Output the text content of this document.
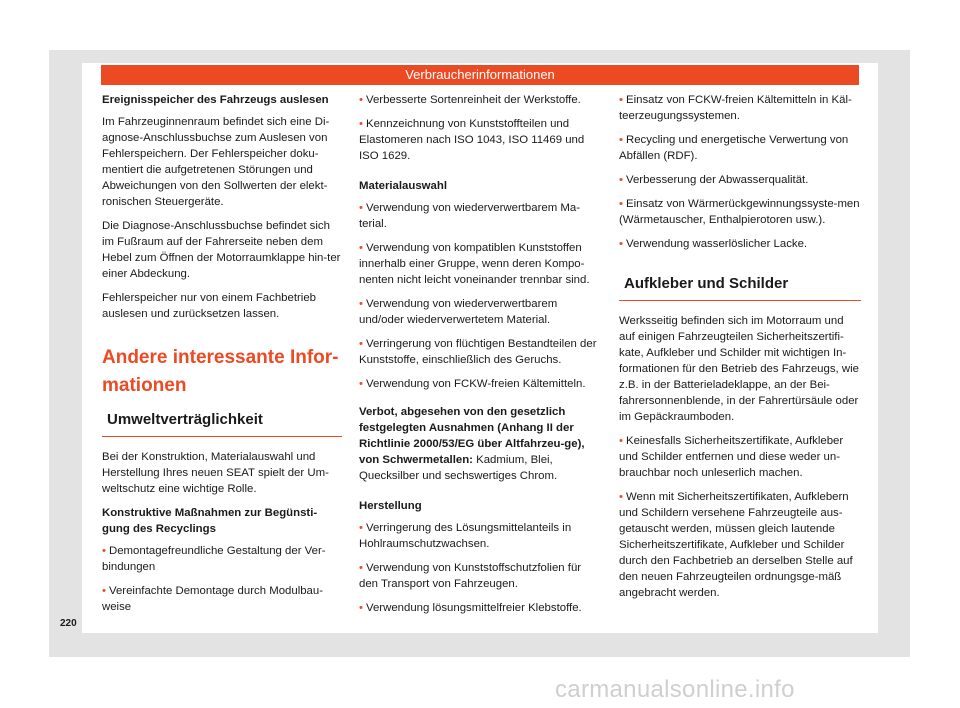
Verbraucherinformationen

Ereignisspeicher des Fahrzeugs auslesen

Im Fahrzeuginnenraum befindet sich eine Di-agnose-Anschlussbuchse zum Auslesen von Fehlerspeichern. Der Fehlerspeicher doku-mentiert die aufgetretenen Störungen und Abweichungen von den Sollwerten der elekt-ronischen Steuergeräte.

Die Diagnose-Anschlussbuchse befindet sich im Fußraum auf der Fahrerseite neben dem Hebel zum Öffnen der Motorraumklappe hin-ter einer Abdeckung.

Fehlerspeicher nur von einem Fachbetrieb auslesen und zurücksetzen lassen.

Andere interessante Infor-mationen
Umweltverträglichkeit

Bei der Konstruktion, Materialauswahl und Herstellung Ihres neuen SEAT spielt der Um-weltschutz eine wichtige Rolle.

Konstruktive Maßnahmen zur Begünsti-gung des Recyclings

• Demontagefreundliche Gestaltung der Ver-bindungen

• Vereinfachte Demontage durch Modulbau-weise

• Verbesserte Sortenreinheit der Werkstoffe.

• Kennzeichnung von Kunststoffteilen und Elastomeren nach ISO 1043, ISO 11469 und ISO 1629.

Materialauswahl

• Verwendung von wiederverwertbarem Ma-terial.

• Verwendung von kompatiblen Kunststoffen innerhalb einer Gruppe, wenn deren Kompo-nenten nicht leicht voneinander trennbar sind.

• Verwendung von wiederverwertbarem und/oder wiederverwertetem Material.

• Verringerung von flüchtigen Bestandteilen der Kunststoffe, einschließlich des Geruchs.

• Verwendung von FCKW-freien Kältemitteln.

Verbot, abgesehen von den gesetzlich festgelegten Ausnahmen (Anhang II der Richtlinie 2000/53/EG über Altfahrzeu-ge), von Schwermetallen: Kadmium, Blei, Quecksilber und sechswertiges Chrom.

Herstellung

• Verringerung des Lösungsmittelanteils in Hohlraumschutzwachsen.

• Verwendung von Kunststoffschutzfolien für den Transport von Fahrzeugen.

• Verwendung lösungsmittelfreier Klebstoffe.

• Einsatz von FCKW-freien Kältemitteln in Käl-teerzeugungssystemen.

• Recycling und energetische Verwertung von Abfällen (RDF).

• Verbesserung der Abwasserqualität.

• Einsatz von Wärmerückgewinnungssyste-men (Wärmetauscher, Enthalpierotoren usw.).

• Verwendung wasserlöslicher Lacke.

Aufkleber und Schilder

Werksseitig befinden sich im Motorraum und auf einigen Fahrzeugteilen Sicherheitszertifi-kate, Aufkleber und Schilder mit wichtigen In-formationen für den Betrieb des Fahrzeugs, wie z.B. in der Batterieladeklappe, an der Bei-fahrersonnenblende, in der Fahrertürsäule oder im Gepäckraumboden.

• Keinesfalls Sicherheitszertifikate, Aufkleber und Schilder entfernen und diese weder un-brauchbar noch unleserlich machen.

• Wenn mit Sicherheitszertifikaten, Aufklebern und Schildern versehene Fahrzeugteile aus-getauscht werden, müssen gleich lautende Sicherheitszertifikate, Aufkleber und Schilder durch den Fachbetrieb an derselben Stelle auf den neuen Fahrzeugteilen ordnungsge-mäß angebracht werden.

220
carmanualsonline.info
